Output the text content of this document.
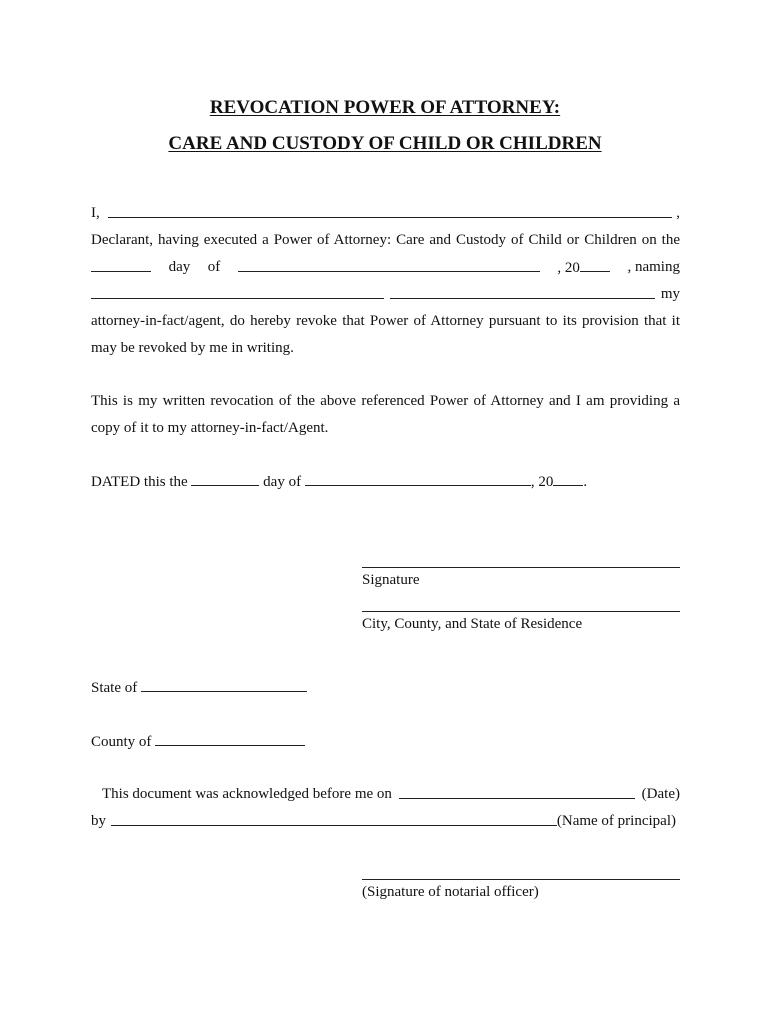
REVOCATION POWER OF ATTORNEY:
CARE AND CUSTODY OF CHILD OR CHILDREN
I,	,
Declarant, having executed a Power of Attorney: Care and Custody of Child or Children on the
day of	, 20	, naming
my
attorney-in-fact/agent, do hereby revoke that Power of Attorney pursuant to its provision that it
may be revoked by me in writing.
This is my written revocation of the above referenced Power of Attorney and I am providing a
copy of it to my attorney-in-fact/Agent.
DATED this the	day of	, 20 .
Signature
City, County, and State of Residence
State of
County of
This document was acknowledged before me on	(Date)
by	(Name of principal)
(Signature of notarial officer)
